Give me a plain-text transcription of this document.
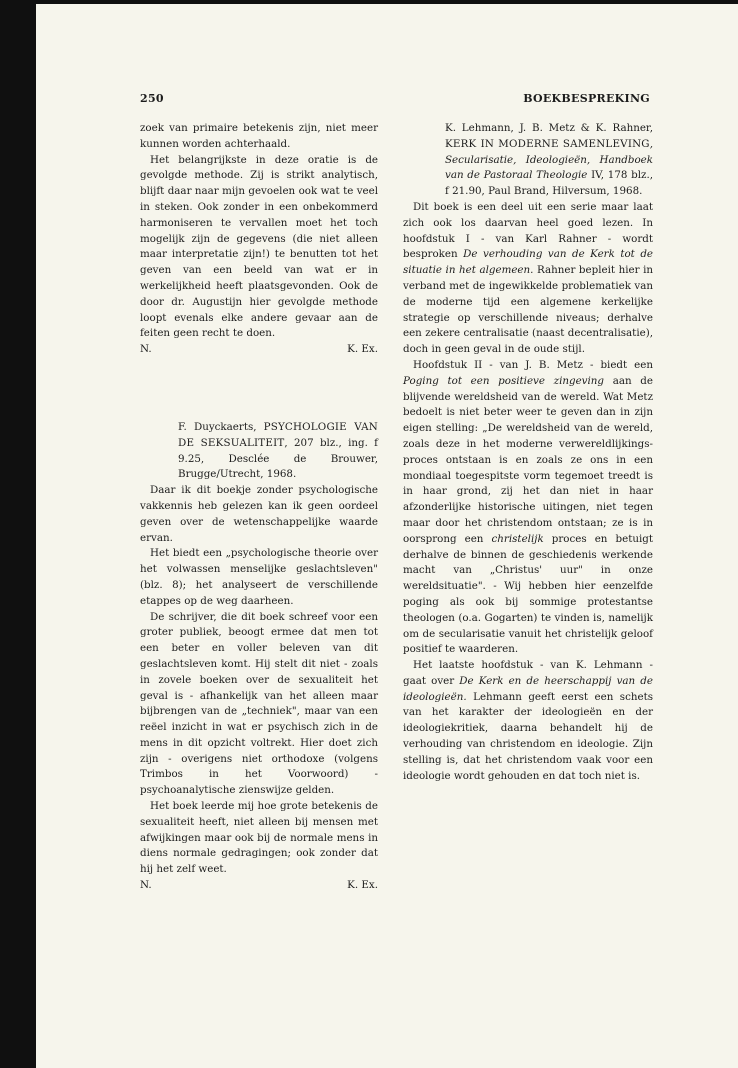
250	BOEKBESPREKING

zoek van primaire betekenis zijn, niet meer kunnen worden achterhaald.

Het belangrijkste in deze oratie is de gevolgde methode. Zij is strikt analytisch, blijft daar naar mijn gevoelen ook wat te veel in steken. Ook zonder in een onbekommerd harmoniseren te vervallen moet het toch mogelijk zijn de gegevens (die niet alleen maar interpretatie zijn!) te benutten tot het geven van een beeld van wat er in werkelijkheid heeft plaatsgevonden. Ook de door dr. Augustijn hier gevolgde methode loopt evenals elke andere gevaar aan de feiten geen recht te doen.

N.	K. Ex.

F. Duyckaerts, PSYCHOLOGIE VAN DE SEKSUALITEIT, 207 blz., ing. f 9.25, Desclée de Brouwer, Brugge/Utrecht, 1968.

Daar ik dit boekje zonder psychologische vakkennis heb gelezen kan ik geen oordeel geven over de wetenschappelijke waarde ervan.

Het biedt een „psychologische theorie over het volwassen menselijke geslachtsleven" (blz. 8); het analyseert de verschillende etappes op de weg daarheen.

De schrijver, die dit boek schreef voor een groter publiek, beoogt ermee dat men tot een beter en voller beleven van dit geslachtsleven komt. Hij stelt dit niet - zoals in zovele boeken over de sexualiteit het geval is - afhankelijk van het alleen maar bijbrengen van de „techniek", maar van een reëel inzicht in wat er psychisch zich in de mens in dit opzicht voltrekt. Hier doet zich zijn - overigens niet orthodoxe (volgens Trimbos in het Voorwoord) - psychoanalytische zienswijze gelden.

Het boek leerde mij hoe grote betekenis de sexualiteit heeft, niet alleen bij mensen met afwijkingen maar ook bij de normale mens in diens normale gedragingen; ook zonder dat hij het zelf weet.

N.	K. Ex.

K. Lehmann, J. B. Metz & K. Rahner, KERK IN MODERNE SAMENLEVING, Secularisatie, Ideologieën, Handboek van de Pastoraal Theologie IV, 178 blz., f 21.90, Paul Brand, Hilversum, 1968.

Dit boek is een deel uit een serie maar laat zich ook los daarvan heel goed lezen. In hoofdstuk I - van Karl Rahner - wordt besproken De verhouding van de Kerk tot de situatie in het algemeen. Rahner bepleit hier in verband met de ingewikkelde problematiek van de moderne tijd een algemene kerkelijke strategie op verschillende niveaus; derhalve een zekere centralisatie (naast decentralisatie), doch in geen geval in de oude stijl.

Hoofdstuk II - van J. B. Metz - biedt een Poging tot een positieve zingeving aan de blijvende wereldsheid van de wereld. Wat Metz bedoelt is niet beter weer te geven dan in zijn eigen stelling: „De wereldsheid van de wereld, zoals deze in het moderne verwereldlijkings-proces ontstaan is en zoals ze ons in een mondiaal toegespitste vorm tegemoet treedt is in haar grond, zij het dan niet in haar afzonderlijke historische uitingen, niet tegen maar door het christendom ontstaan; ze is in oorsprong een christelijk proces en betuigt derhalve de binnen de geschiedenis werkende macht van „Christus' uur" in onze wereldsituatie". - Wij hebben hier eenzelfde poging als ook bij sommige protestantse theologen (o.a. Gogarten) te vinden is, namelijk om de secularisatie vanuit het christelijk geloof positief te waarderen.

Het laatste hoofdstuk - van K. Lehmann - gaat over De Kerk en de heerschappij van de ideologieën. Lehmann geeft eerst een schets van het karakter der ideologieën en der ideologiekritiek, daarna behandelt hij de verhouding van christendom en ideologie. Zijn stelling is, dat het christendom vaak voor een ideologie wordt gehouden en dat toch niet is.
